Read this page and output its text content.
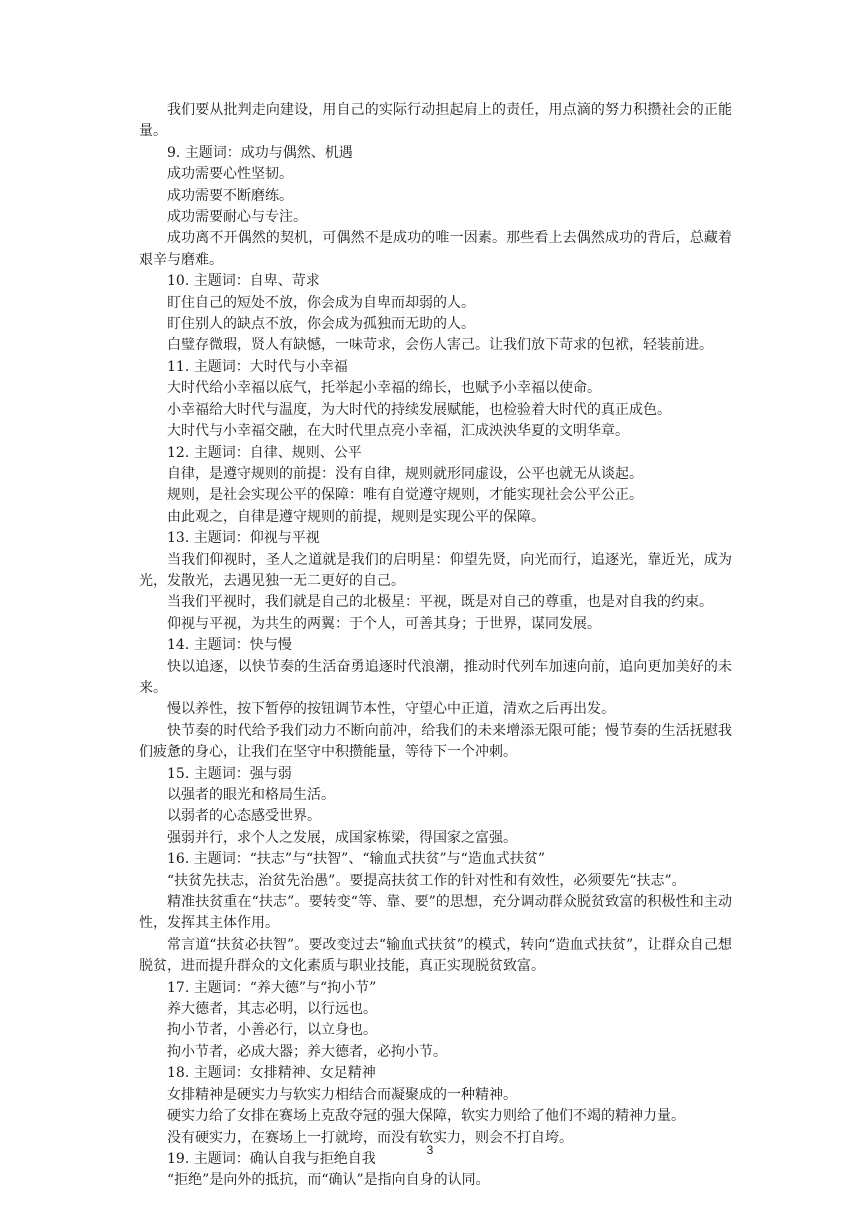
我们要从批判走向建设，用自己的实际行动担起肩上的责任，用点滴的努力积攒社会的正能量。

9. 主题词：成功与偶然、机遇

成功需要心性坚韧。

成功需要不断磨练。

成功需要耐心与专注。

成功离不开偶然的契机，可偶然不是成功的唯一因素。那些看上去偶然成功的背后，总藏着艰辛与磨难。

10. 主题词：自卑、苛求

盯住自己的短处不放，你会成为自卑而却弱的人。

盯住别人的缺点不放，你会成为孤独而无助的人。

白璧存微瑕，贤人有缺憾，一味苛求，会伤人害己。让我们放下苛求的包袱，轻装前进。

11. 主题词：大时代与小幸福

大时代给小幸福以底气，托举起小幸福的绵长，也赋予小幸福以使命。

小幸福给大时代与温度，为大时代的持续发展赋能，也检验着大时代的真正成色。

大时代与小幸福交融，在大时代里点亮小幸福，汇成泱泱华夏的文明华章。

12. 主题词：自律、规则、公平

自律，是遵守规则的前提：没有自律，规则就形同虚设，公平也就无从谈起。

规则，是社会实现公平的保障：唯有自觉遵守规则，才能实现社会公平公正。

由此观之，自律是遵守规则的前提，规则是实现公平的保障。

13. 主题词：仰视与平视

当我们仰视时，圣人之道就是我们的启明星：仰望先贤，向光而行，追逐光，靠近光，成为光，发散光，去遇见独一无二更好的自己。

当我们平视时，我们就是自己的北极星：平视，既是对自己的尊重，也是对自我的约束。

仰视与平视，为共生的两翼：于个人，可善其身；于世界，谋同发展。

14. 主题词：快与慢

快以追逐，以快节奏的生活奋勇追逐时代浪潮，推动时代列车加速向前，追向更加美好的未来。

慢以养性，按下暂停的按钮调节本性，守望心中正道，清欢之后再出发。

快节奏的时代给予我们动力不断向前冲，给我们的未来增添无限可能；慢节奏的生活抚慰我们疲惫的身心，让我们在坚守中积攒能量，等待下一个冲刺。

15. 主题词：强与弱

以强者的眼光和格局生活。

以弱者的心态感受世界。

强弱并行，求个人之发展，成国家栋梁，得国家之富强。

16. 主题词：“扶志”与“扶智”、“输血式扶贫”与“造血式扶贫”

“扶贫先扶志，治贫先治愚”。要提高扶贫工作的针对性和有效性，必须要先“扶志”。

精准扶贫重在“扶志”。要转变“等、靠、要”的思想，充分调动群众脱贫致富的积极性和主动性，发挥其主体作用。

常言道“扶贫必扶智”。要改变过去“输血式扶贫”的模式，转向“造血式扶贫”，让群众自己想脱贫，进而提升群众的文化素质与职业技能，真正实现脱贫致富。

17. 主题词：“养大德”与“拘小节”

养大德者，其志必明，以行远也。

拘小节者，小善必行，以立身也。

拘小节者，必成大器；养大德者，必拘小节。

18. 主题词：女排精神、女足精神

女排精神是硬实力与软实力相结合而凝聚成的一种精神。

硬实力给了女排在赛场上克敌夺冠的强大保障，软实力则给了他们不竭的精神力量。

没有硬实力，在赛场上一打就垮，而没有软实力，则会不打自垮。

19. 主题词：确认自我与拒绝自我

“拒绝”是向外的抵抗，而“确认”是指向自身的认同。

3
